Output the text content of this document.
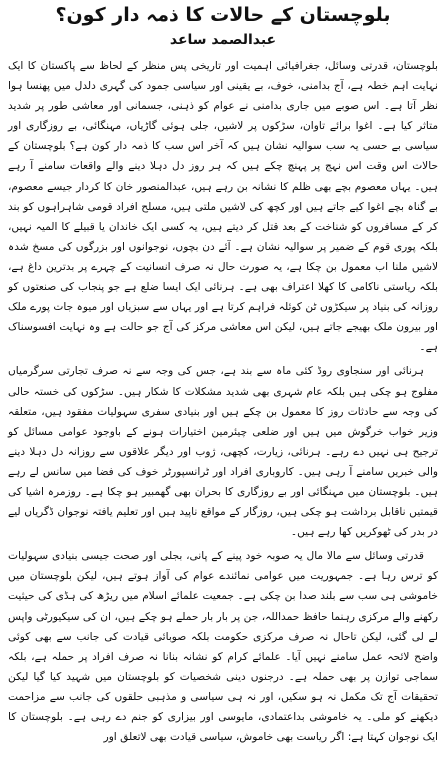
بلوچستان کے حالات کا ذمہ دار کون؟
عبدالصمد ساعد

بلوچستان، قدرتی وسائل، جغرافیائی اہمیت اور تاریخی پس منظر کے لحاظ سے پاکستان کا ایک نہایت اہم خطہ ہے، آج بدامنی، خوف، بے یقینی اور سیاسی جمود کی گہری دلدل میں پھنسا ہوا نظر آتا ہے۔ اس صوبے میں جاری بدامنی نے عوام کو ذہنی، جسمانی اور معاشی طور پر شدید متاثر کیا ہے۔ اغوا برائے تاوان، سڑکوں پر لاشیں، جلی ہوئی گاڑیاں، مہنگائی، بے روزگاری اور سیاسی بے حسی یہ سب سوالیہ نشان ہیں کہ آخر اس سب کا ذمہ دار کون ہے؟ بلوچستان کے حالات اس وقت اس نہج پر پہنچ چکے ہیں کہ ہر روز دل دہلا دینے والے واقعات سامنے آ رہے ہیں۔ یہاں معصوم بچے بھی ظلم کا نشانہ بن رہے ہیں، عبدالمنصور خان کا کردار جیسے معصوم، بے گناہ بچے اغوا کیے جاتے ہیں اور کچھ کی لاشیں ملتی ہیں، مسلح افراد قومی شاہراہوں کو بند کر کے مسافروں کو شناخت کے بعد قتل کر دیتے ہیں، یہ کسی ایک خاندان یا قبیلے کا المیہ نہیں، بلکہ پوری قوم کے ضمیر پر سوالیہ نشان ہے۔ آئے دن بچوں، نوجوانوں اور بزرگوں کی مسخ شدہ لاشیں ملنا اب معمول بن چکا ہے، یہ صورت حال نہ صرف انسانیت کے چہرے پر بدترین داغ ہے، بلکہ ریاستی ناکامی کا کھلا اعتراف بھی ہے۔ ہرنائی ایک ایسا ضلع ہے جو پنجاب کی صنعتوں کو روزانہ کی بنیاد پر سیکڑوں ٹن کوئلہ فراہم کرتا ہے اور یہاں سے سبزیاں اور میوہ جات پورے ملک اور بیرون ملک بھیجے جاتے ہیں، لیکن اس معاشی مرکز کی آج جو حالت ہے وہ نہایت افسوسناک ہے۔

ہرنائی اور سنجاوی روڈ کئی ماہ سے بند ہے، جس کی وجہ سے نہ صرف تجارتی سرگرمیاں مفلوج ہو چکی ہیں بلکہ عام شہری بھی شدید مشکلات کا شکار ہیں۔ سڑکوں کی خستہ حالی کی وجہ سے حادثات روز کا معمول بن چکے ہیں اور بنیادی سفری سہولیات مفقود ہیں، متعلقہ وزیر خواب خرگوش میں ہیں اور ضلعی چیئرمین اختیارات ہونے کے باوجود عوامی مسائل کو ترجیح ہی نہیں دے رہے۔ ہرنائی، زیارت، کچھی، ژوب اور دیگر علاقوں سے روزانہ دل دہلا دینے والی خبریں سامنے آ رہی ہیں۔ کاروباری افراد اور ٹرانسپورٹر خوف کی فضا میں سانس لے رہے ہیں۔ بلوچستان میں مہنگائی اور بے روزگاری کا بحران بھی گھمبیر ہو چکا ہے۔ روزمرہ اشیا کی قیمتیں ناقابل برداشت ہو چکی ہیں، روزگار کے مواقع ناپید ہیں اور تعلیم یافتہ نوجوان ڈگریاں لیے در بدر کی ٹھوکریں کھا رہے ہیں۔

قدرتی وسائل سے مالا مال یہ صوبہ خود پینے کے پانی، بجلی اور صحت جیسی بنیادی سہولیات کو ترس رہا ہے۔ جمہوریت میں عوامی نمائندے عوام کی آواز ہوتے ہیں، لیکن بلوچستان میں خاموشی ہی سب سے بلند صدا بن چکی ہے۔ جمعیت علمائے اسلام میں ریڑھ کی ہڈی کی حیثیت رکھنے والے مرکزی رہنما حافظ حمداللہ، جن پر بار بار حملے ہو چکے ہیں، ان کی سیکیورٹی واپس لے لی گئی، لیکن تاحال نہ صرف مرکزی حکومت بلکہ صوبائی قیادت کی جانب سے بھی کوئی واضح لائحہ عمل سامنے نہیں آیا۔ علمائے کرام کو نشانہ بنانا نہ صرف افراد پر حملہ ہے، بلکہ سماجی توازن پر بھی حملہ ہے۔ درجنوں دینی شخصیات کو بلوچستان میں شہید کیا گیا لیکن تحقیقات آج تک مکمل نہ ہو سکیں، اور نہ ہی سیاسی و مذہبی حلقوں کی جانب سے مزاحمت دیکھنے کو ملی۔ یہ خاموشی بداعتمادی، مایوسی اور بیزاری کو جنم دے رہی ہے۔ بلوچستان کا ایک نوجوان کہتا ہے: اگر ریاست بھی خاموش، سیاسی قیادت بھی لاتعلق اور
